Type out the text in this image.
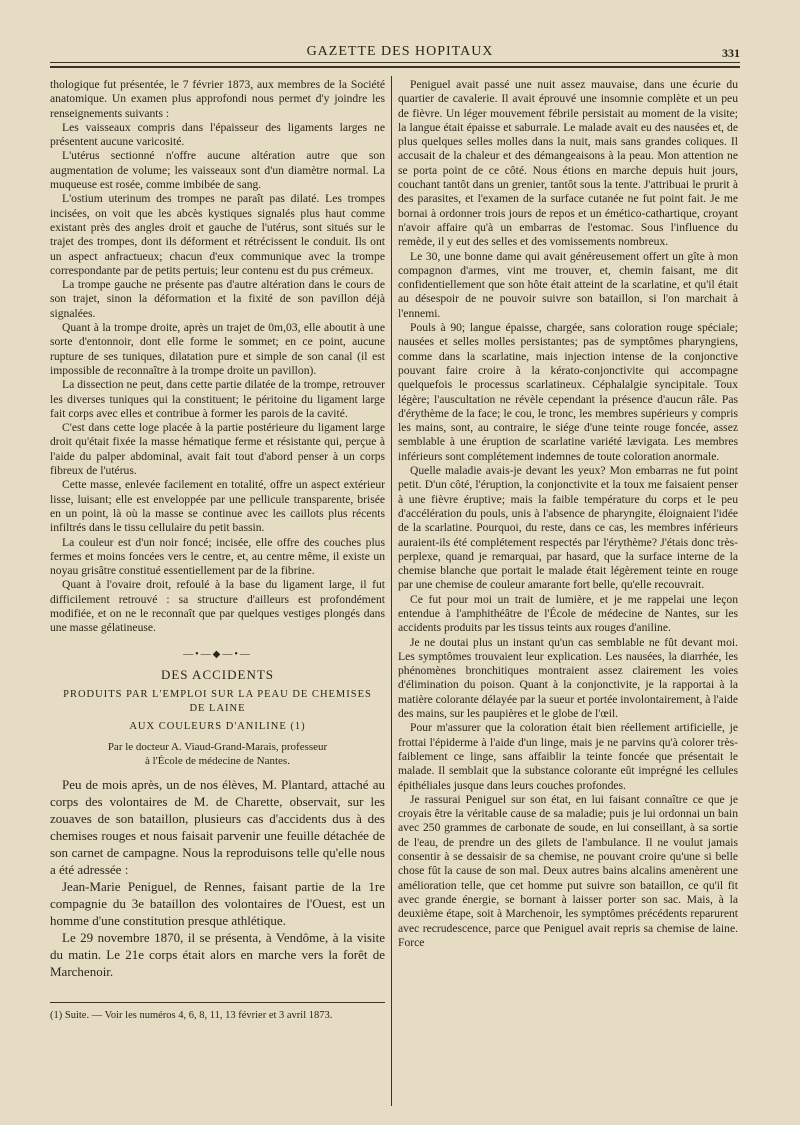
GAZETTE DES HOPITAUX	331

thologique fut présentée, le 7 février 1873, aux membres de la Société anatomique. Un examen plus approfondi nous permet d'y joindre les renseignements suivants :

Les vaisseaux compris dans l'épaisseur des ligaments larges ne présentent aucune varicosité.

L'utérus sectionné n'offre aucune altération autre que son augmentation de volume; les vaisseaux sont d'un diamètre normal. La muqueuse est rosée, comme imbibée de sang.

L'ostium uterinum des trompes ne paraît pas dilaté. Les trompes incisées, on voit que les abcès kystiques signalés plus haut comme existant près des angles droit et gauche de l'utérus, sont situés sur le trajet des trompes, dont ils déforment et rétrécissent le conduit. Ils ont un aspect anfractueux; chacun d'eux communique avec la trompe correspondante par de petits pertuis; leur contenu est du pus crémeux.

La trompe gauche ne présente pas d'autre altération dans le cours de son trajet, sinon la déformation et la fixité de son pavillon déjà signalées.

Quant à la trompe droite, après un trajet de 0m,03, elle aboutit à une sorte d'entonnoir, dont elle forme le sommet; en ce point, aucune rupture de ses tuniques, dilatation pure et simple de son canal (il est impossible de reconnaître à la trompe droite un pavillon).

La dissection ne peut, dans cette partie dilatée de la trompe, retrouver les diverses tuniques qui la constituent; le péritoine du ligament large fait corps avec elles et contribue à former les parois de la cavité.

C'est dans cette loge placée à la partie postérieure du ligament large droit qu'était fixée la masse hématique ferme et résistante qui, perçue à l'aide du palper abdominal, avait fait tout d'abord penser à un corps fibreux de l'utérus.

Cette masse, enlevée facilement en totalité, offre un aspect extérieur lisse, luisant; elle est enveloppée par une pellicule transparente, brisée en un point, là où la masse se continue avec les caillots plus récents infiltrés dans le tissu cellulaire du petit bassin.

La couleur est d'un noir foncé; incisée, elle offre des couches plus fermes et moins foncées vers le centre, et, au centre même, il existe un noyau grisâtre constitué essentiellement par de la fibrine.

Quant à l'ovaire droit, refoulé à la base du ligament large, il fut difficilement retrouvé : sa structure d'ailleurs est profondément modifiée, et on ne le reconnaît que par quelques vestiges plongés dans une masse gélatineuse.

—•—◆—•—
DES ACCIDENTS
PRODUITS PAR L'EMPLOI SUR LA PEAU DE CHEMISES DE LAINE
AUX COULEURS D'ANILINE (1)
Par le docteur A. Viaud-Grand-Marais, professeur
à l'École de médecine de Nantes.

Peu de mois après, un de nos élèves, M. Plantard, attaché au corps des volontaires de M. de Charette, observait, sur les zouaves de son bataillon, plusieurs cas d'accidents dus à des chemises rouges et nous faisait parvenir une feuille détachée de son carnet de campagne. Nous la reproduisons telle qu'elle nous a été adressée :

Jean-Marie Peniguel, de Rennes, faisant partie de la 1re compagnie du 3e bataillon des volontaires de l'Ouest, est un homme d'une constitution presque athlétique.

Le 29 novembre 1870, il se présenta, à Vendôme, à la visite du matin. Le 21e corps était alors en marche vers la forêt de Marchenoir.

(1) Suite. — Voir les numéros 4, 6, 8, 11, 13 février et 3 avril 1873.

Peniguel avait passé une nuit assez mauvaise, dans une écurie du quartier de cavalerie. Il avait éprouvé une insomnie complète et un peu de fièvre. Un léger mouvement fébrile persistait au moment de la visite; la langue était épaisse et saburrale. Le malade avait eu des nausées et, de plus quelques selles molles dans la nuit, mais sans grandes coliques. Il accusait de la chaleur et des démangeaisons à la peau. Mon attention ne se porta point de ce côté. Nous étions en marche depuis huit jours, couchant tantôt dans un grenier, tantôt sous la tente. J'attribuai le prurit à des parasites, et l'examen de la surface cutanée ne fut point fait. Je me bornai à ordonner trois jours de repos et un émético-cathartique, croyant n'avoir affaire qu'à un embarras de l'estomac. Sous l'influence du remède, il y eut des selles et des vomissements nombreux.

Le 30, une bonne dame qui avait généreusement offert un gîte à mon compagnon d'armes, vint me trouver, et, chemin faisant, me dit confidentiellement que son hôte était atteint de la scarlatine, et qu'il était au désespoir de ne pouvoir suivre son bataillon, si l'on marchait à l'ennemi.

Pouls à 90; langue épaisse, chargée, sans coloration rouge spéciale; nausées et selles molles persistantes; pas de symptômes pharyngiens, comme dans la scarlatine, mais injection intense de la conjonctive pouvant faire croire à la kérato-conjonctivite qui accompagne quelquefois le processus scarlatineux. Céphalalgie syncipitale. Toux légère; l'auscultation ne révèle cependant la présence d'aucun râle. Pas d'érythème de la face; le cou, le tronc, les membres supérieurs y compris les mains, sont, au contraire, le siége d'une teinte rouge foncée, assez semblable à une éruption de scarlatine variété lævigata. Les membres inférieurs sont complétement indemnes de toute coloration anormale.

Quelle maladie avais-je devant les yeux? Mon embarras ne fut point petit. D'un côté, l'éruption, la conjonctivite et la toux me faisaient penser à une fièvre éruptive; mais la faible température du corps et le peu d'accélération du pouls, unis à l'absence de pharyngite, éloignaient l'idée de la scarlatine. Pourquoi, du reste, dans ce cas, les membres inférieurs auraient-ils été complétement respectés par l'érythème? J'étais donc très-perplexe, quand je remarquai, par hasard, que la surface interne de la chemise blanche que portait le malade était légèrement teinte en rouge par une chemise de couleur amarante fort belle, qu'elle recouvrait.

Ce fut pour moi un trait de lumière, et je me rappelai une leçon entendue à l'amphithéâtre de l'École de médecine de Nantes, sur les accidents produits par les tissus teints aux rouges d'aniline.

Je ne doutai plus un instant qu'un cas semblable ne fût devant moi. Les symptômes trouvaient leur explication. Les nausées, la diarrhée, les phénomènes bronchitiques montraient assez clairement les voies d'élimination du poison. Quant à la conjonctivite, je la rapportai à la matière colorante délayée par la sueur et portée involontairement, à l'aide des mains, sur les paupières et le globe de l'œil.

Pour m'assurer que la coloration était bien réellement artificielle, je frottai l'épiderme à l'aide d'un linge, mais je ne parvins qu'à colorer très-faiblement ce linge, sans affaiblir la teinte foncée que présentait le malade. Il semblait que la substance colorante eût imprégné les cellules épithéliales jusque dans leurs couches profondes.

Je rassurai Peniguel sur son état, en lui faisant connaître ce que je croyais être la véritable cause de sa maladie; puis je lui ordonnai un bain avec 250 grammes de carbonate de soude, en lui conseillant, à sa sortie de l'eau, de prendre un des gilets de l'ambulance. Il ne voulut jamais consentir à se dessaisir de sa chemise, ne pouvant croire qu'une si belle chose fût la cause de son mal. Deux autres bains alcalins amenèrent une amélioration telle, que cet homme put suivre son bataillon, ce qu'il fit avec grande énergie, se bornant à laisser porter son sac. Mais, à la deuxième étape, soit à Marchenoir, les symptômes précédents reparurent avec recrudescence, parce que Peniguel avait repris sa chemise de laine. Force
